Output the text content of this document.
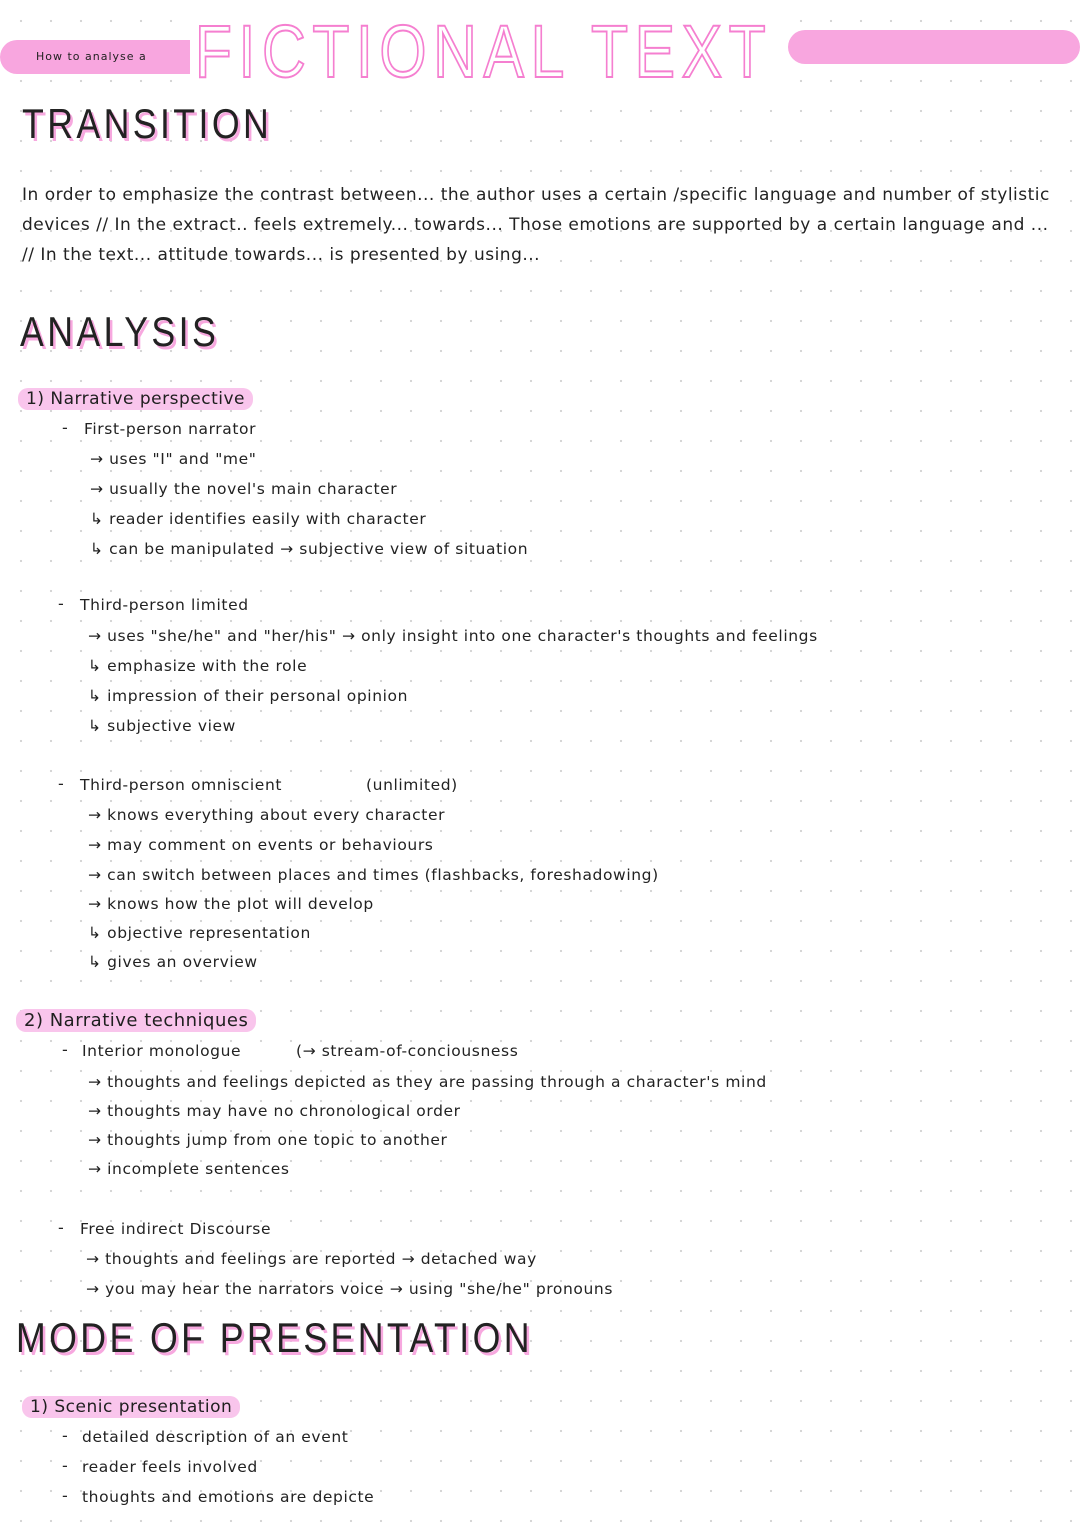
How to analyse a FICTIONAL TEXT
TRANSITION
In order to emphasize the contrast between... the author uses a certain /specific language and number of stylistic devices // In the extract.. feels extremely... towards... Those emotions are supported by a certain language and ... // In the text... attitude towards... is presented by using...
ANALYSIS
1) Narrative perspective
- First-person narrator
→ uses "I" and "me"
→ usually the novel's main character
↳ reader identifies easily with character
↳ can be manipulated → subjective view of situation
- Third-person limited
→ uses "she/he" and "her/his" → only insight into one character's thoughts and feelings
↳ emphasize with the role
↳ impression of their personal opinion
↳ subjective view
- Third-person omniscient	(unlimited)
→ knows everything about every character
→ may comment on events or behaviours
→ can switch between places and times (flashbacks, foreshadowing)
→ knows how the plot will develop
↳ objective representation
↳ gives an overview
2) Narrative techniques
- Interior monologue	(→ stream-of-conciousness
→ thoughts and feelings depicted as they are passing through a character's mind
→ thoughts may have no chronological order
→ thoughts jump from one topic to another
→ incomplete sentences
- Free indirect Discourse
→ thoughts and feelings are reported → detached way
→ you may hear the narrators voice → using "she/he" pronouns
MODE OF PRESENTATION
1) Scenic presentation
- detailed description of an event
- reader feels involved
- thoughts and emotions are depicte
